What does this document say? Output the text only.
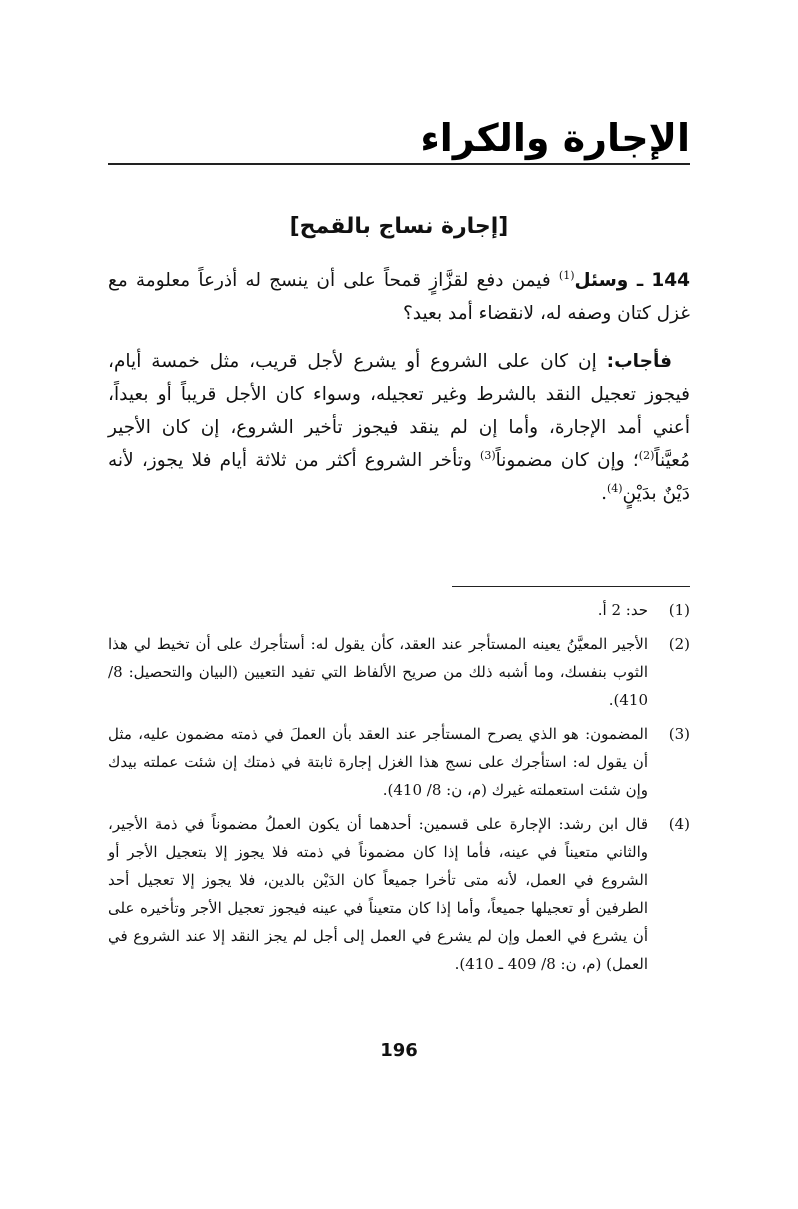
الإجارة والكراء
[إجارة نساج بالقمح]

144 ـ وسئل$^{(1)}$ فيمن دفع لقزَّازٍ قمحاً على أن ينسج له أذرعاً معلومة مع غزل كتان وصفه له، لانقضاء أمد بعيد؟

فأجاب: إن كان على الشروع أو يشرع لأجل قريب، مثل خمسة أيام، فيجوز تعجيل النقد بالشرط وغير تعجيله، وسواء كان الأجل قريباً أو بعيداً، أعني أمد الإجارة، وأما إن لم ينقد فيجوز تأخير الشروع، إن كان الأجير مُعيَّناً$^{(2)}$؛ وإن كان مضموناً$^{(3)}$ وتأخر الشروع أكثر من ثلاثة أيام فلا يجوز، لأنه دَيْنٌ بدَيْنٍ$^{(4)}$.

(1)
حد: 2 أ.
(2)
الأجير المعيَّنُ يعينه المستأجر عند العقد، كأن يقول له: أستأجرك على أن تخيط لي هذا الثوب بنفسك، وما أشبه ذلك من صريح الألفاظ التي تفيد التعيين (البيان والتحصيل: 8/ 410).
(3)
المضمون: هو الذي يصرح المستأجر عند العقد بأن العملَ في ذمته مضمون عليه، مثل أن يقول له: استأجرك على نسج هذا الغزل إجارة ثابتة في ذمتك إن شئت عملته بيدك وإن شئت استعملته غيرك (م، ن: 8/ 410).
(4)
قال ابن رشد: الإجارة على قسمين: أحدهما أن يكون العملُ مضموناً في ذمة الأجير، والثاني متعيناً في عينه، فأما إذا كان مضموناً في ذمته فلا يجوز إلا بتعجيل الأجر أو الشروع في العمل، لأنه متى تأخرا جميعاً كان الدَيْن بالدين، فلا يجوز إلا تعجيل أحد الطرفين أو تعجيلها جميعاً، وأما إذا كان متعيناً في عينه فيجوز تعجيل الأجر وتأخيره على أن يشرع في العمل وإن لم يشرع في العمل إلى أجل لم يجز النقد إلا عند الشروع في العمل) (م، ن: 8/ 409 ـ 410).
196
